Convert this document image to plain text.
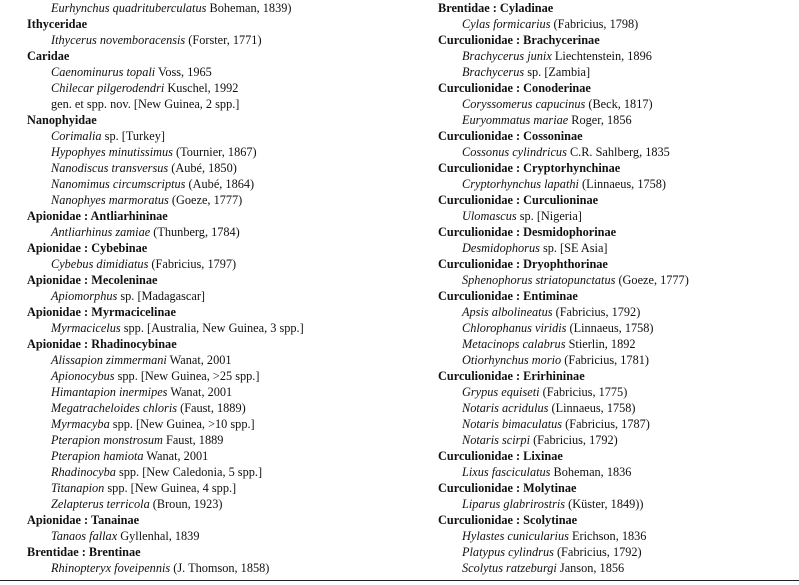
Eurhynchus quadrituberculatus Boheman, 1839)
Ithyceridae
Ithycerus novemboracensis (Forster, 1771)
Caridae
Caenominurus topali Voss, 1965
Chilecar pilgerodendri Kuschel, 1992
gen. et spp. nov. [New Guinea, 2 spp.]
Nanophyidae
Corimalia sp. [Turkey]
Hypophyes minutissimus (Tournier, 1867)
Nanodiscus transversus (Aubé, 1850)
Nanomimus circumscriptus (Aubé, 1864)
Nanophyes marmoratus (Goeze, 1777)
Apionidae : Antliarhininae
Antliarhinus zamiae (Thunberg, 1784)
Apionidae : Cybebinae
Cybebus dimidiatus (Fabricius, 1797)
Apionidae : Mecoleninae
Apiomorphus sp. [Madagascar]
Apionidae : Myrmacicelinae
Myrmacicelus spp. [Australia, New Guinea, 3 spp.]
Apionidae : Rhadinocybinae
Alissapion zimmermani Wanat, 2001
Apionocybus spp. [New Guinea, >25 spp.]
Himantapion inermipes Wanat, 2001
Megatracheloides chloris (Faust, 1889)
Myrmacyba spp. [New Guinea, >10 spp.]
Pterapion monstrosum Faust, 1889
Pterapion hamiota Wanat, 2001
Rhadinocyba spp. [New Caledonia, 5 spp.]
Titanapion spp. [New Guinea, 4 spp.]
Zelapterus terricola (Broun, 1923)
Apionidae : Tanainae
Tanaos fallax Gyllenhal, 1839
Brentidae : Brentinae
Rhinopteryx foveipennis (J. Thomson, 1858)
Brentidae : Cyladinae
Cylas formicarius (Fabricius, 1798)
Curculionidae : Brachycerinae
Brachycerus junix Liechtenstein, 1896
Brachycerus sp. [Zambia]
Curculionidae : Conoderinae
Coryssomerus capucinus (Beck, 1817)
Euryommatus mariae Roger, 1856
Curculionidae : Cossoninae
Cossonus cylindricus C.R. Sahlberg, 1835
Curculionidae : Cryptorhynchinae
Cryptorhynchus lapathi (Linnaeus, 1758)
Curculionidae : Curculioninae
Ulomascus sp. [Nigeria]
Curculionidae : Desmidophorinae
Desmidophorus sp. [SE Asia]
Curculionidae : Dryophthorinae
Sphenophorus striatopunctatus (Goeze, 1777)
Curculionidae : Entiminae
Apsis albolineatus (Fabricius, 1792)
Chlorophanus viridis (Linnaeus, 1758)
Metacinops calabrus Stierlin, 1892
Otiorhynchus morio (Fabricius, 1781)
Curculionidae : Erirhininae
Grypus equiseti (Fabricius, 1775)
Notaris acridulus (Linnaeus, 1758)
Notaris bimaculatus (Fabricius, 1787)
Notaris scirpi (Fabricius, 1792)
Curculionidae : Lixinae
Lixus fasciculatus Boheman, 1836
Curculionidae : Molytinae
Liparus glabrirostris (Küster, 1849))
Curculionidae : Scolytinae
Hylastes cunicularius Erichson, 1836
Platypus cylindrus (Fabricius, 1792)
Scolytus ratzeburgi Janson, 1856
